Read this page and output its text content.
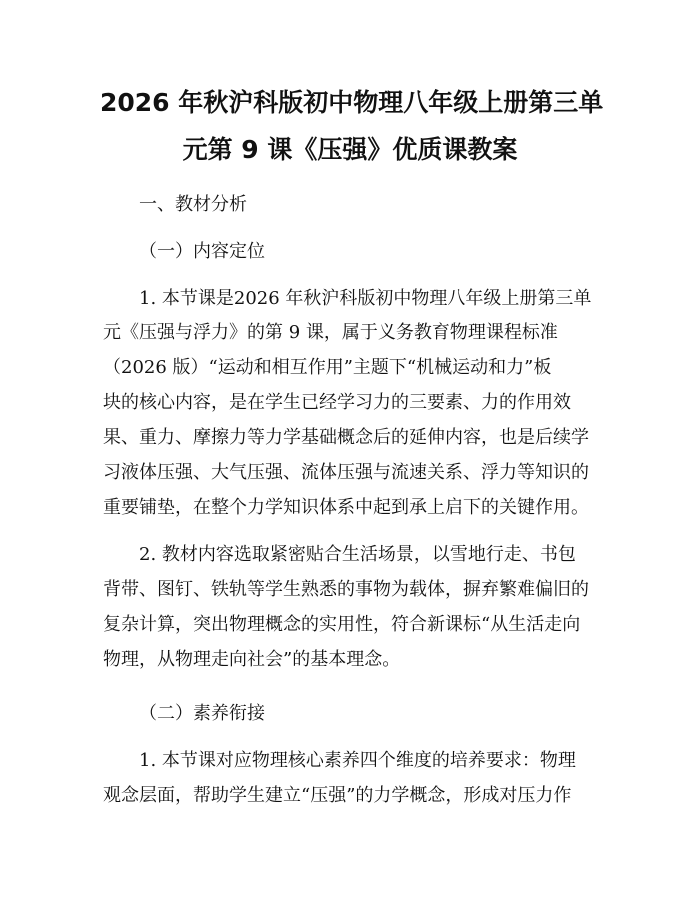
2026 年秋沪科版初中物理八年级上册第三单
元第 9 课《压强》优质课教案

一、教材分析

（一）内容定位

1. 本节课是2026 年秋沪科版初中物理八年级上册第三单

元《压强与浮力》的第 9 课，属于义务教育物理课程标准

（2026 版）“运动和相互作用”主题下“机械运动和力”板

块的核心内容，是在学生已经学习力的三要素、力的作用效

果、重力、摩擦力等力学基础概念后的延伸内容，也是后续学

习液体压强、大气压强、流体压强与流速关系、浮力等知识的

重要铺垫，在整个力学知识体系中起到承上启下的关键作用。

2. 教材内容选取紧密贴合生活场景，以雪地行走、书包

背带、图钉、铁轨等学生熟悉的事物为载体，摒弃繁难偏旧的

复杂计算，突出物理概念的实用性，符合新课标“从生活走向

物理，从物理走向社会”的基本理念。

（二）素养衔接

1. 本节课对应物理核心素养四个维度的培养要求：物理

观念层面，帮助学生建立“压强”的力学概念，形成对压力作
